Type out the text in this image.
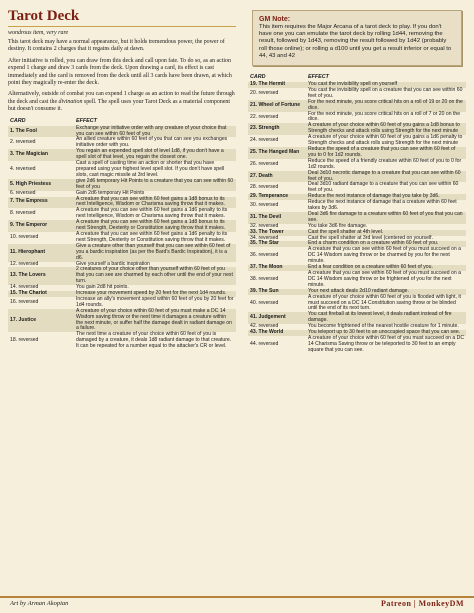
Tarot Deck
wondrous item, very rare

This tarot deck may have a normal appearance, but it holds tremendous power, the power of destiny. It contains 2 charges that it regains daily at dawn.

After initiative is rolled, you can draw from this deck and call upon fate. To do so, as an action expend 1 charge and draw 3 cards from the deck. Upon drawing a card, its effect is cast immediately and the card is removed from the deck until all 3 cards have been drawn, at which point they magically re-enter the deck.

Alternatively, outside of combat you can expend 1 charge as an action to read the future through the deck and cast the divination spell. The spell uses your Tarot Deck as a material component but doesn't consume it.

CARD	EFFECT
1. The Fool	Exchange your initiative order with any creature of your choice that you can see within 60 feet of you
2. reversed	An allied creature within 60 feet of you that can see you exchanges initiative order with you.
3. The Magician	You regain an expended spell slot of level 1d8, if you don't have a spell slot of that level, you regain the closest one.
4. reversed	Cast a spell of casting time an action or shorter that you have prepared using your highest level spell slot. If you don't have spell slots, cast magic missile at 3rd level.
5. High Priestess	give 2d6 temporary Hit Points to a creature that you can see within 60 feet of you
6. reversed	Gain 2d6 temporary Hit Points
7. The Empress	A creature that you can see within 60 feet gains a 1d8 bonus to its next Intelligence, Wisdom or Charisma saving throw that it makes.
8. reversed	A creature that you can see within 60 feet gains a 1d6 penalty to its next Intelligence, Wisdom or Charisma saving throw that it makes.
9. The Emperor	A creature that you can see within 60 feet gains a 1d8 bonus to its next Strength, Dexterity or Constitution saving throw that it makes.
10. reversed	A creature that you can see within 60 feet gains a 1d6 penalty to its next Strength, Dexterity or Constitution saving throw that it makes.
11. Hierophant	Give a creature other than yourself that you can see within 60 feet of you a bardic inspiration (as per the Bard's Bardic Inspiration), it is a d6.
12. reversed	Give yourself a bardic inspiration
13. The Lovers	2 creatures of your choice other than yourself within 60 feet of you that you can see are charmed by each other until the end of your next turn.
14. reversed	You gain 2d8 hit points.
15. The Chariot	Increase your movement speed by 20 feet for the next 1d4 rounds.
16. reversed	Increase an ally's movement speed within 60 feet of you by 20 feet for 1d4 rounds.
17. Justice	A creature of your choice within 60 feet of you must make a DC 14 Wisdom saving throw or the next time it damages a creature within the next minute, or suffer half the damage dealt in radiant damage on a failure.
18. reversed	The next time a creature of your choice within 60 feet of you is damaged by a creature, it deals 1d8 radiant damage to that creature. It can be repeated for a number equal to the attacker's CR or level.
GM Note:
This item requires the Major Arcana of a tarot deck to play. If you don't have one you can emulate the tarot deck by rolling 1d44, removing the result, followed by 1d43, removing the result followed by 1d42 (probably roll those online); or rolling a d100 until you get a result inferior or equal to 44, 43 and 42
CARD	EFFECT
19. The Hermit	You cast the invisibility spell on yourself
20. reversed	You cast the invisibility spell on a creature that you can see within 60 feet of you.
21. Wheel of Fortune	For the next minute, you score critical hits on a roll of 19 or 20 on the dice.
22. reversed	For the next minute, you score critical hits on a roll of 7 or 20 on the dice.
23. Strength	A creature of your choice within 60 feet of you gains a 1d8 bonus to Strength checks and attack rolls using Strength for the next minute
24. reversed	A creature of your choice within 60 feet of you gains a 1d6 penalty to Strength checks and attack rolls using Strength for the next minute
25. The Hanged Man	Reduce the speed of a creature that you can see within 60 feet of you to 0 for 1d2 rounds.
26. reversed	Reduce the speed of a friendly creature within 60 feet of you to 0 for 1d2 rounds.
27. Death	Deal 3d10 necrotic damage to a creature that you can see within 60 feet of you.
28. reversed	Deal 3d10 radiant damage to a creature that you can see within 60 feet of you.
29. Temperance	Reduce the next instance of damage that you take by 3d6.
30. reversed	Reduce the next instance of damage that a creature within 60 feet takes by 3d6.
31. The Devil	Deal 3d6 fire damage to a creature within 60 feet of you that you can see.
32. reversed	You take 3d6 fire damage.
33. The Tower	Cast the spell shatter at 4th level.
34. reversed	Cast the spell shatter at 3rd level (centered on yourself.
35. The Star	End a charm condition on a creature within 60 feet of you.
36. reversed	A creature that you can see within 60 feet of you must succeed on a DC 14 Wisdom saving throw or be charmed by you for the next minute.
37. The Moon	End a fear condition on a creature within 60 feet of you.
38. reversed	A creature that you can see within 60 feet of you must succeed on a DC 14 Wisdom saving throw or be frightened of you for the next minute.
39. The Sun	Your next attack deals 2d10 radiant damage.
40. reversed	A creature of your choice within 60 feet of you is flooded with light, it must succeed on a DC 14 Constitution saving throw or be blinded until the end of its next turn.
41. Judgement	You cast fireball at its lowest level, it deals radiant instead of fire damage.
42. reversed	You become frightened of the nearest hostile creature for 1 minute.
43. The World	You teleport up to 30 feet to an unoccupied space that you can see.
44. reversed	A creature of your choice within 60 feet of you must succeed on a DC 14 Charisma Saving throw or be teleported to 30 feet to an empty square that you can see.
Art by Arman Akopian	Patreon | MonkeyDM
